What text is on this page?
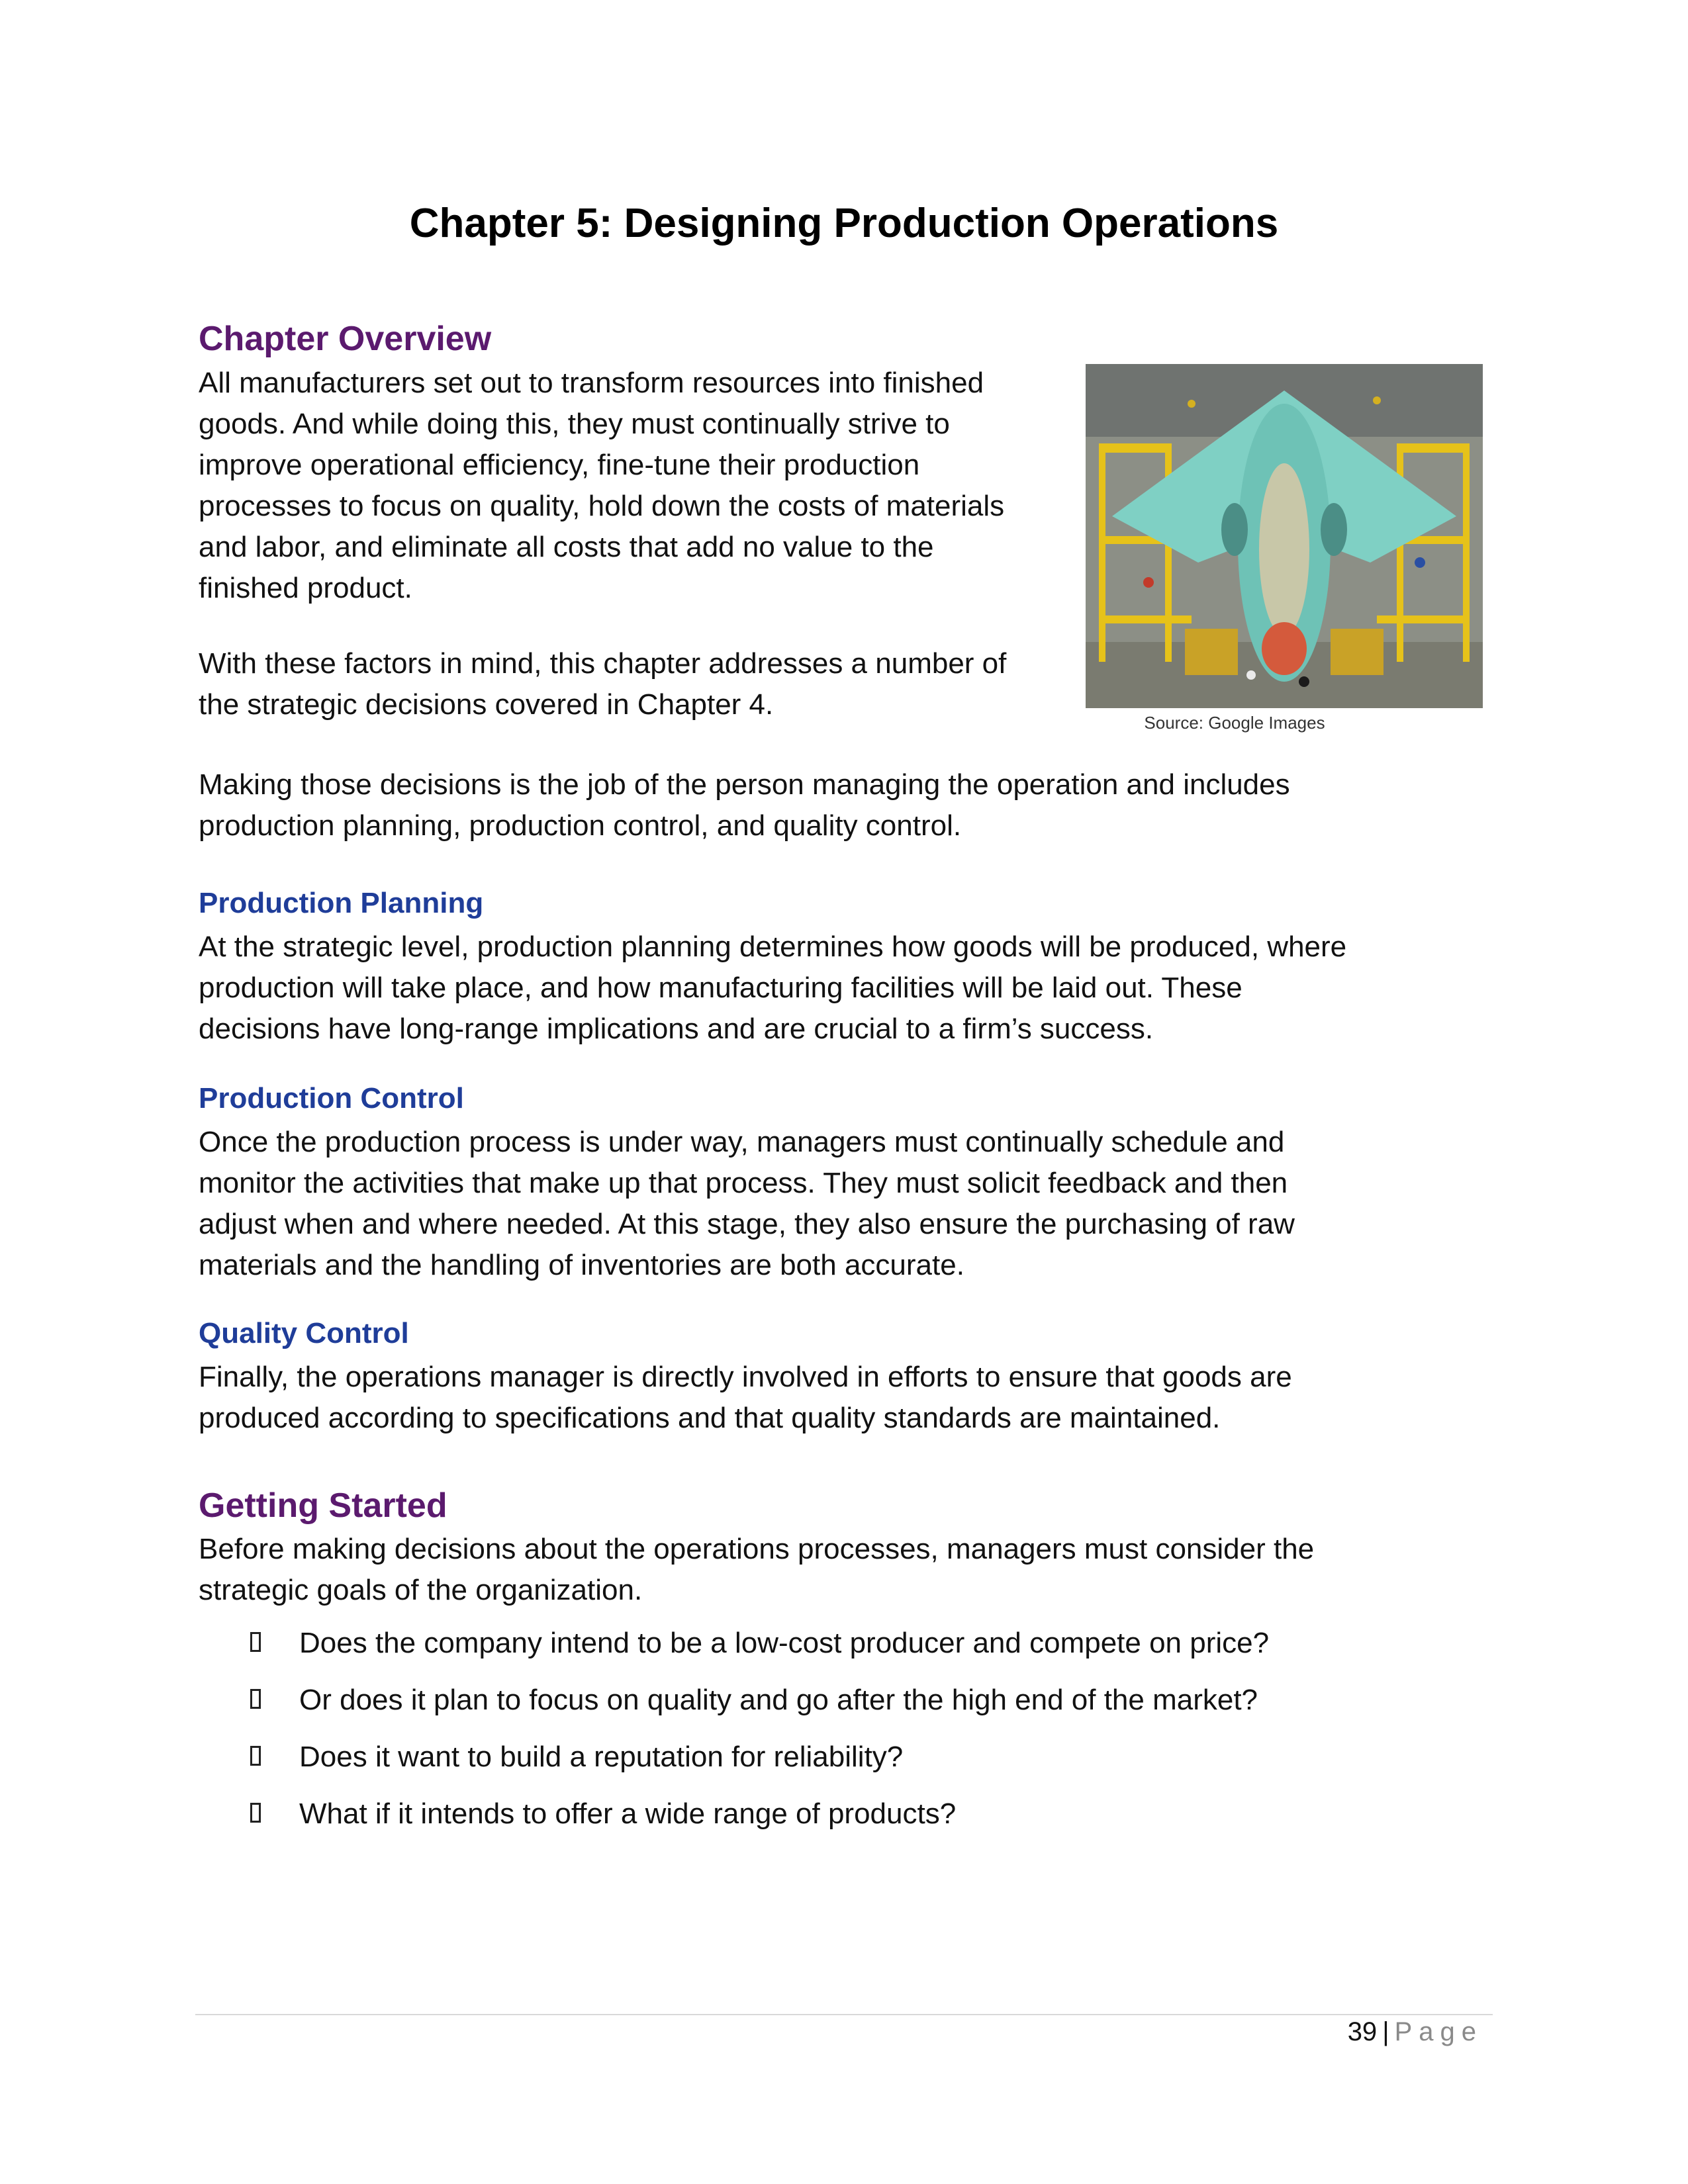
Chapter 5: Designing Production Operations
Chapter Overview
All manufacturers set out to transform resources into finished
goods. And while doing this, they must continually strive to
improve operational efficiency, fine-tune their production
processes to focus on quality, hold down the costs of materials
and labor, and eliminate all costs that add no value to the
finished product.
With these factors in mind, this chapter addresses a number of
the strategic decisions covered in Chapter 4.
Making those decisions is the job of the person managing the operation and includes
production planning, production control, and quality control.
Source: Google Images
Production Planning
At the strategic level, production planning determines how goods will be produced, where
production will take place, and how manufacturing facilities will be laid out. These
decisions have long-range implications and are crucial to a firm’s success.
Production Control
Once the production process is under way, managers must continually schedule and
monitor the activities that make up that process. They must solicit feedback and then
adjust when and where needed. At this stage, they also ensure the purchasing of raw
materials and the handling of inventories are both accurate.
Quality Control
Finally, the operations manager is directly involved in efforts to ensure that goods are
produced according to specifications and that quality standards are maintained.
Getting Started
Before making decisions about the operations processes, managers must consider the
strategic goals of the organization.
Does the company intend to be a low-cost producer and compete on price?
Or does it plan to focus on quality and go after the high end of the market?
Does it want to build a reputation for reliability?
What if it intends to offer a wide range of products?
39 | Page
